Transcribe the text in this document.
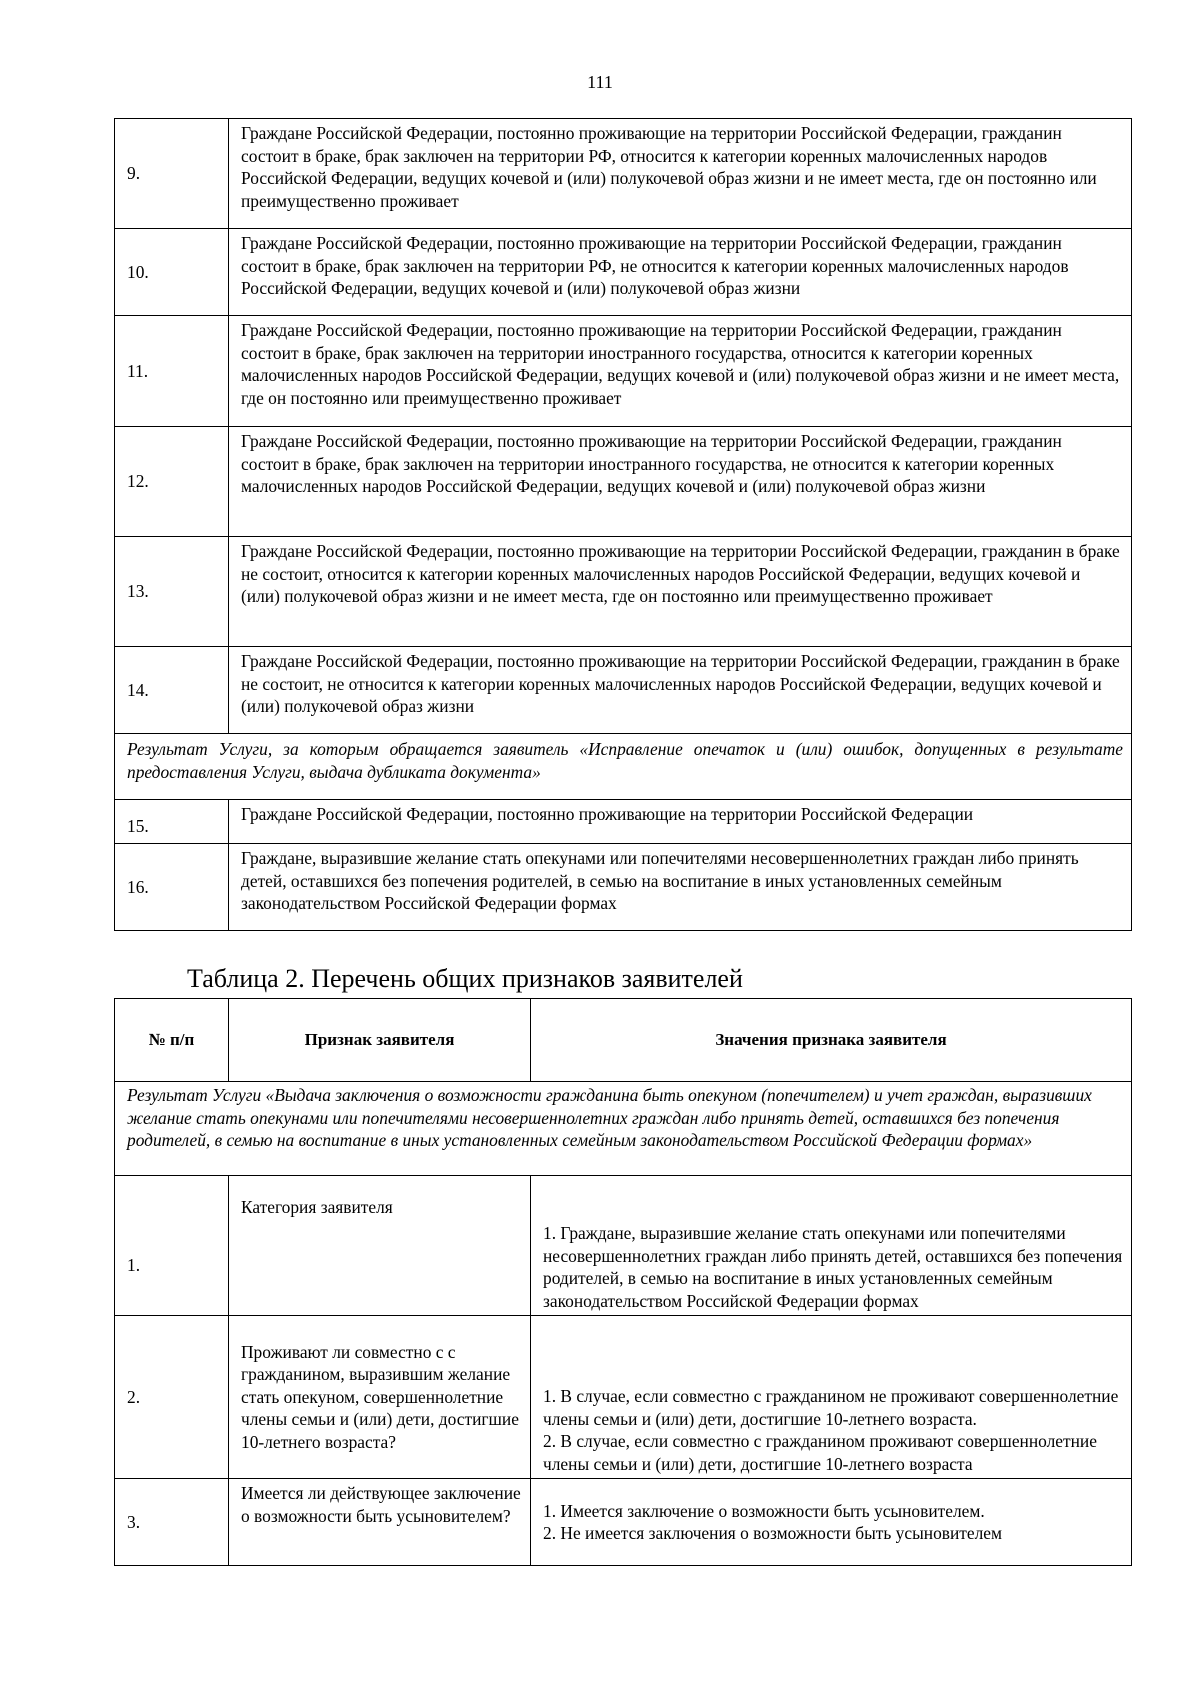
111
9.	Граждане Российской Федерации, постоянно проживающие на территории Российской Федерации, гражданин состоит в браке, брак заключен на территории РФ, относится к категории коренных малочисленных народов Российской Федерации, ведущих кочевой и (или) полукочевой образ жизни и не имеет места, где он постоянно или преимущественно проживает
10.	Граждане Российской Федерации, постоянно проживающие на территории Российской Федерации, гражданин состоит в браке, брак заключен на территории РФ, не относится к категории коренных малочисленных народов Российской Федерации, ведущих кочевой и (или) полукочевой образ жизни
11.	Граждане Российской Федерации, постоянно проживающие на территории Российской Федерации, гражданин состоит в браке, брак заключен на территории иностранного государства, относится к категории коренных малочисленных народов Российской Федерации, ведущих кочевой и (или) полукочевой образ жизни и не имеет места, где он постоянно или преимущественно проживает
12.	Граждане Российской Федерации, постоянно проживающие на территории Российской Федерации, гражданин состоит в браке, брак заключен на территории иностранного государства, не относится к категории коренных малочисленных народов Российской Федерации, ведущих кочевой и (или) полукочевой образ жизни
13.	Граждане Российской Федерации, постоянно проживающие на территории Российской Федерации, гражданин в браке не состоит, относится к категории коренных малочисленных народов Российской Федерации, ведущих кочевой и (или) полукочевой образ жизни и не имеет места, где он постоянно или преимущественно проживает
14.	Граждане Российской Федерации, постоянно проживающие на территории Российской Федерации, гражданин в браке не состоит, не относится к категории коренных малочисленных народов Российской Федерации, ведущих кочевой и (или) полукочевой образ жизни
Результат Услуги, за которым обращается заявитель «Исправление опечаток и (или) ошибок, допущенных в результате предоставления Услуги, выдача дубликата документа»	
15.	Граждане Российской Федерации, постоянно проживающие на территории Российской Федерации
16.	Граждане, выразившие желание стать опекунами или попечителями несовершеннолетних граждан либо принять детей, оставшихся без попечения родителей, в семью на воспитание в иных установленных семейным законодательством Российской Федерации формах
Таблица 2. Перечень общих признаков заявителей
№ п/п	Признак заявителя	Значения признака заявителя
Результат Услуги «Выдача заключения о возможности гражданина быть опекуном (попечителем) и учет граждан, выразивших желание стать опекунами или попечителями несовершеннолетних граждан либо принять детей, оставшихся без попечения родителей, в семью на воспитание в иных установленных семейным законодательством Российской Федерации формах»		
1.	Категория заявителя	1. Граждане, выразившие желание стать опекунами или попечителями несовершеннолетних граждан либо принять детей, оставшихся без попечения родителей, в семью на воспитание в иных установленных семейным законодательством Российской Федерации формах

2.	Проживают ли совместно с с гражданином, выразившим желание стать опекуном, совершеннолетние члены семьи и (или) дети, достигшие 10-летнего возраста?	1. В случае, если совместно с гражданином не проживают совершеннолетние члены семьи и (или) дети, достигшие 10-летнего возраста.
2. В случае, если совместно с гражданином проживают совершеннолетние члены семьи и (или) дети, достигшие 10-летнего возраста

3.	Имеется ли действующее заключение о возможности быть усыновителем?	1. Имеется заключение о возможности быть усыновителем.
2. Не имеется заключения о возможности быть усыновителем
